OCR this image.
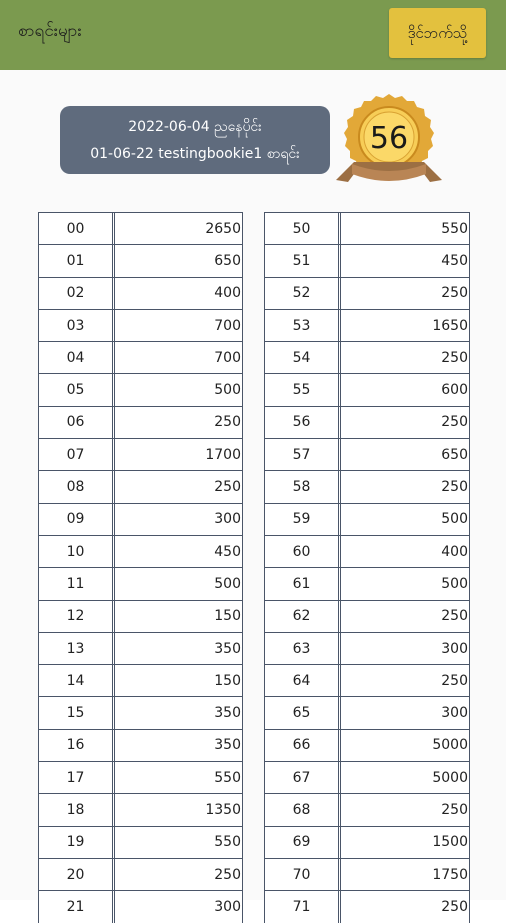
စာရင်းများ	ဒိုင်ဘက်သို့
2022-06-04 ညနေပိုင်း
01-06-22 testingbookie1 စာရင်း	56
00	2650
01	650
02	400
03	700
04	700
05	500
06	250
07	1700
08	250
09	300
10	450
11	500
12	150
13	350
14	150
15	350
16	350
17	550
18	1350
19	550
20	250
21	300
50	550
51	450
52	250
53	1650
54	250
55	600
56	250
57	650
58	250
59	500
60	400
61	500
62	250
63	300
64	250
65	300
66	5000
67	5000
68	250
69	1500
70	1750
71	250
